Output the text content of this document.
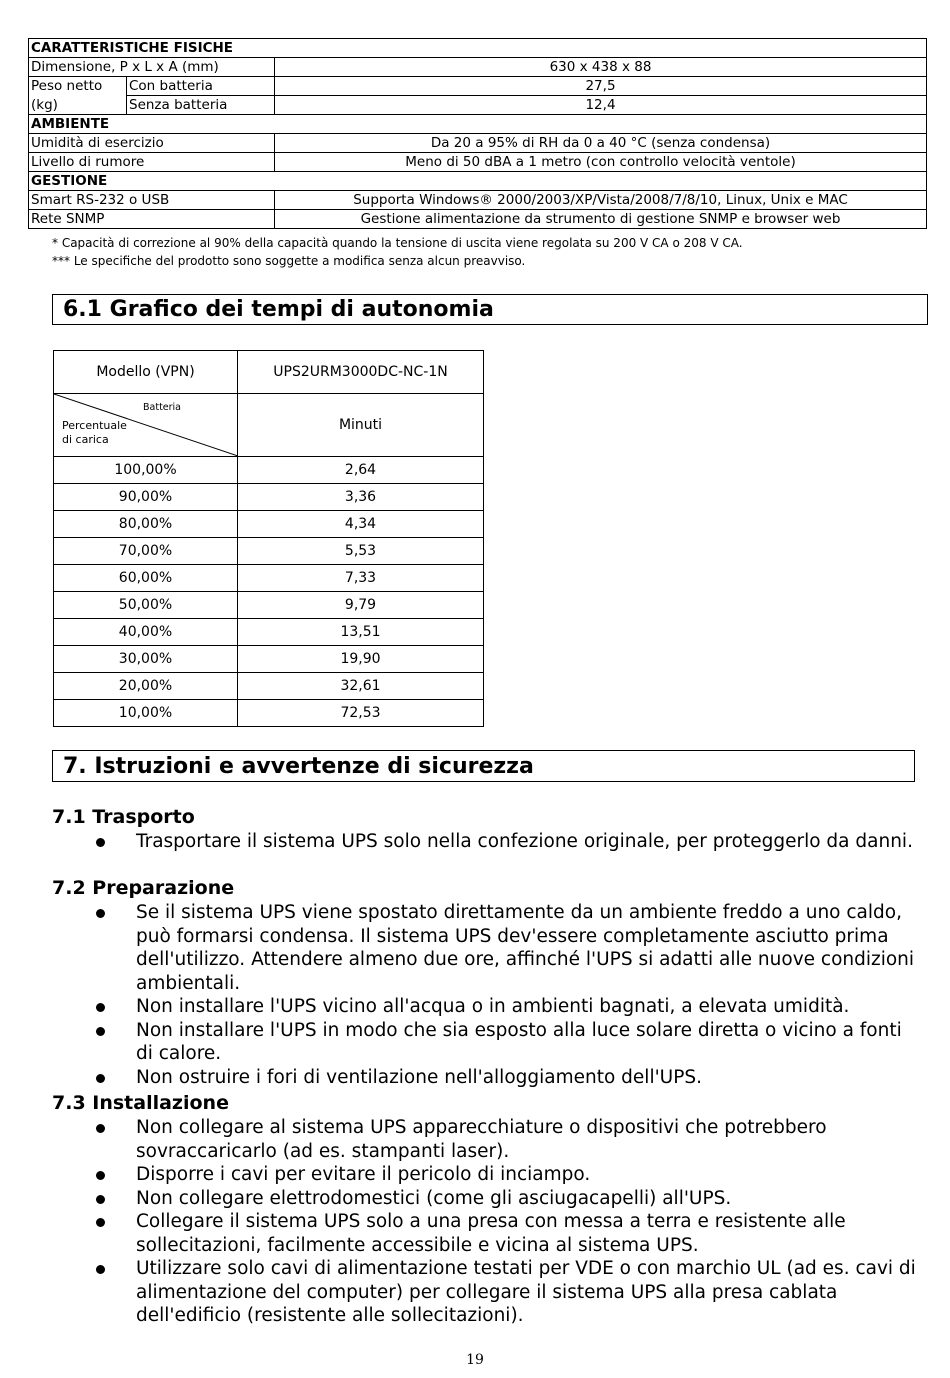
CARATTERISTICHE FISICHE		
Dimensione, P x L x A (mm)		630 x 438 x 88
Peso netto	Con batteria	27,5
(kg)	Senza batteria	12,4
AMBIENTE		
Umidità di esercizio		Da 20 a 95% di RH da 0 a 40 °C (senza condensa)
Livello di rumore		Meno di 50 dBA a 1 metro (con controllo velocità ventole)
GESTIONE		
Smart RS-232 o USB		Supporta Windows® 2000/2003/XP/Vista/2008/7/8/10, Linux, Unix e MAC
Rete SNMP		Gestione alimentazione da strumento di gestione SNMP e browser web
* Capacità di correzione al 90% della capacità quando la tensione di uscita viene regolata su 200 V CA o 208 V CA.
*** Le specifiche del prodotto sono soggette a modifica senza alcun preavviso.
6.1 Grafico dei tempi di autonomia
Modello (VPN)	UPS2URM3000DC-NC-1N

Batteria
Percentuale
di carica	Minuti
100,00%	2,64
90,00%	3,36
80,00%	4,34
70,00%	5,53
60,00%	7,33
50,00%	9,79
40,00%	13,51
30,00%	19,90
20,00%	32,61
10,00%	72,53
7. Istruzioni e avvertenze di sicurezza
7.1 Trasporto
Trasportare il sistema UPS solo nella confezione originale, per proteggerlo da danni.
7.2 Preparazione
Se il sistema UPS viene spostato direttamente da un ambiente freddo a uno caldo, può formarsi condensa. Il sistema UPS dev'essere completamente asciutto prima dell'utilizzo. Attendere almeno due ore, affinché l'UPS si adatti alle nuove condizioni ambientali.
Non installare l'UPS vicino all'acqua o in ambienti bagnati, a elevata umidità.
Non installare l'UPS in modo che sia esposto alla luce solare diretta o vicino a fonti di calore.
Non ostruire i fori di ventilazione nell'alloggiamento dell'UPS.
7.3 Installazione
Non collegare al sistema UPS apparecchiature o dispositivi che potrebbero sovraccaricarlo (ad es. stampanti laser).
Disporre i cavi per evitare il pericolo di inciampo.
Non collegare elettrodomestici (come gli asciugacapelli) all'UPS.
Collegare il sistema UPS solo a una presa con messa a terra e resistente alle sollecitazioni, facilmente accessibile e vicina al sistema UPS.
Utilizzare solo cavi di alimentazione testati per VDE o con marchio UL (ad es. cavi di alimentazione del computer) per collegare il sistema UPS alla presa cablata dell'edificio (resistente alle sollecitazioni).
19
